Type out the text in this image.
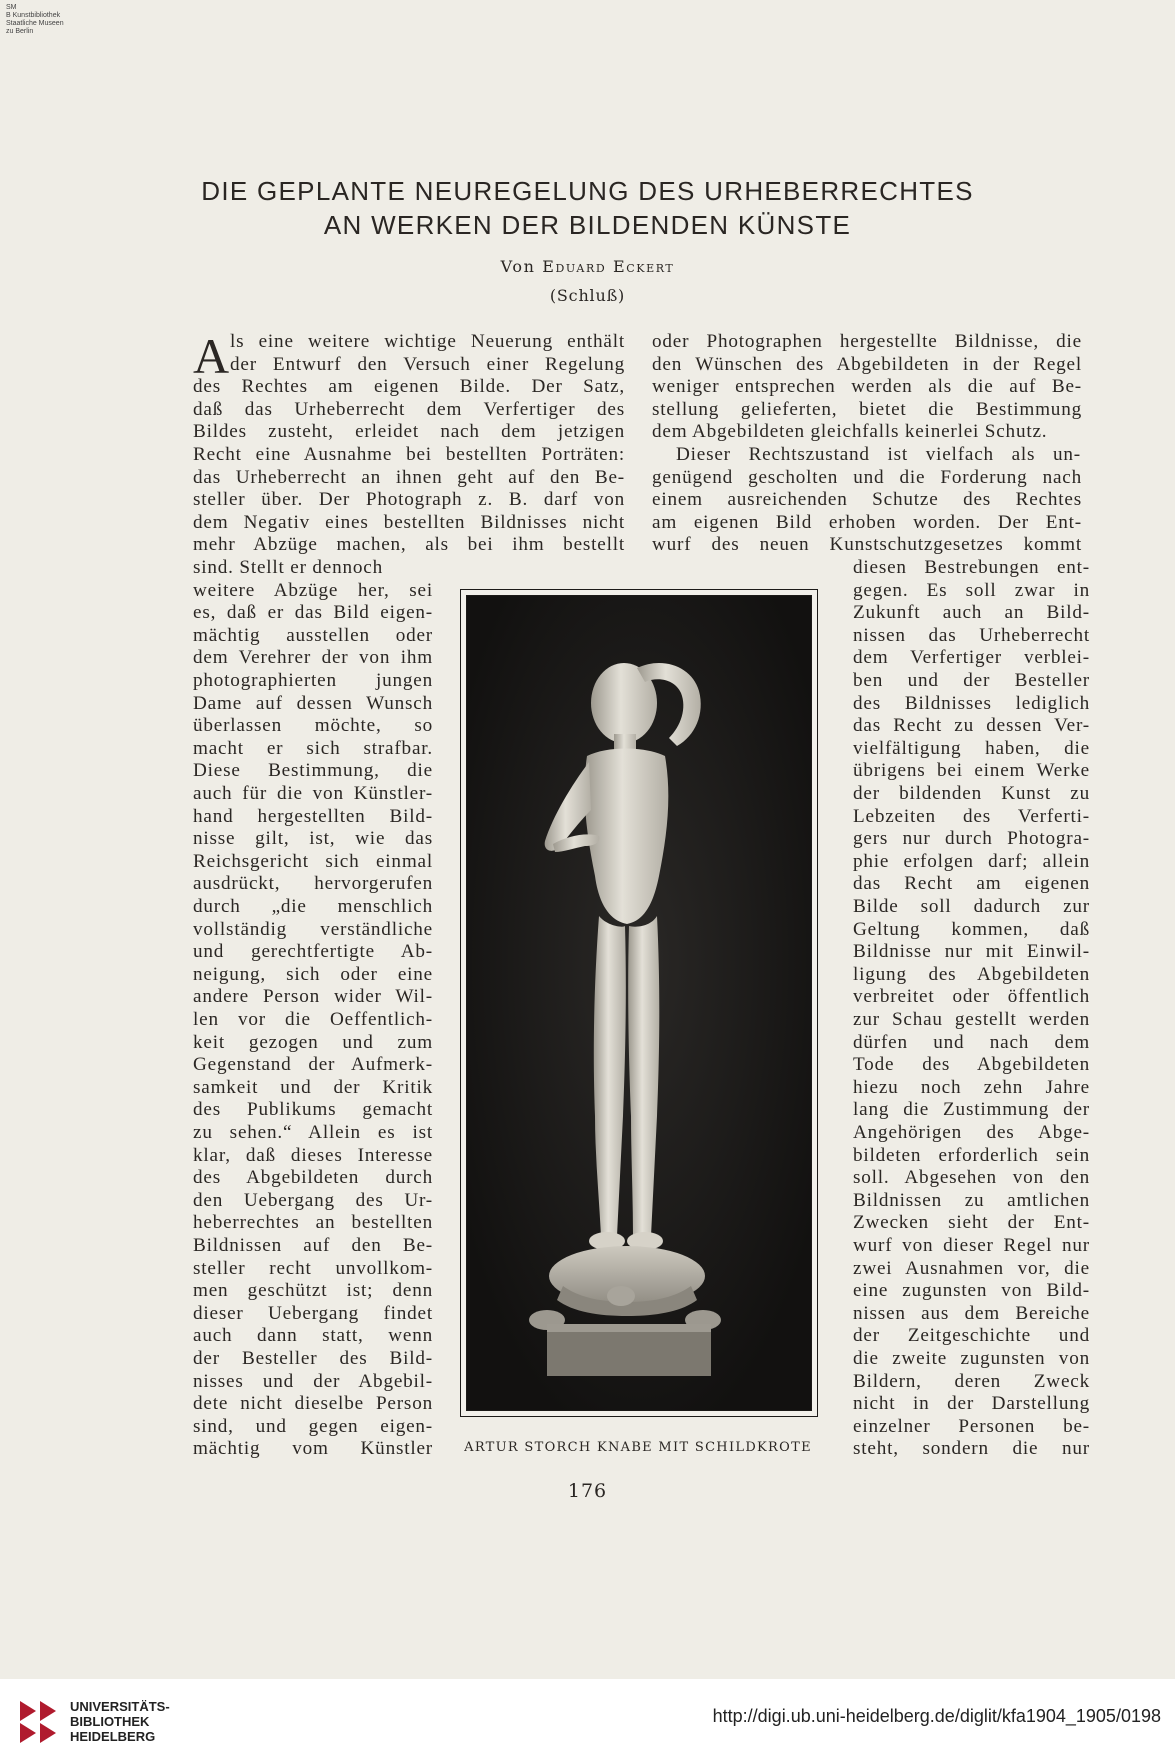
SM
B Kunstbibliothek
Staatliche Museen
zu Berlin
DIE GEPLANTE NEUREGELUNG DES URHEBERRECHTES
AN WERKEN DER BILDENDEN KÜNSTE
Von Eduard Eckert
(Schluß)
A ls eine weitere wichtige Neuerung enthält
der Entwurf den Versuch einer Regelung
des Rechtes am eigenen Bilde. Der Satz,
daß das Urheberrecht dem Verfertiger des
Bildes zusteht, erleidet nach dem jetzigen
Recht eine Ausnahme bei bestellten Porträten:
das Urheberrecht an ihnen geht auf den Be-
steller über. Der Photograph z. B. darf von
dem Negativ eines bestellten Bildnisses nicht
mehr Abzüge machen, als bei ihm bestellt
sind. Stellt er dennoch
weitere Abzüge her, sei
es, daß er das Bild eigen-
mächtig ausstellen oder
dem Verehrer der von ihm
photographierten jungen
Dame auf dessen Wunsch
überlassen möchte, so
macht er sich strafbar.
Diese Bestimmung, die
auch für die von Künstler-
hand hergestellten Bild-
nisse gilt, ist, wie das
Reichsgericht sich einmal
ausdrückt, hervorgerufen
durch „die menschlich
vollständig verständliche
und gerechtfertigte Ab-
neigung, sich oder eine
andere Person wider Wil-
len vor die Oeffentlich-
keit gezogen und zum
Gegenstand der Aufmerk-
samkeit und der Kritik
des Publikums gemacht
zu sehen.“ Allein es ist
klar, daß dieses Interesse
des Abgebildeten durch
den Uebergang des Ur-
heberrechtes an bestellten
Bildnissen auf den Be-
steller recht unvollkom-
men geschützt ist; denn
dieser Uebergang findet
auch dann statt, wenn
der Besteller des Bild-
nisses und der Abgebil-
dete nicht dieselbe Person
sind, und gegen eigen-
mächtig vom Künstler
oder Photographen hergestellte Bildnisse, die
den Wünschen des Abgebildeten in der Regel
weniger entsprechen werden als die auf Be-
stellung gelieferten, bietet die Bestimmung
dem Abgebildeten gleichfalls keinerlei Schutz.
Dieser Rechtszustand ist vielfach als un-
genügend gescholten und die Forderung nach
einem ausreichenden Schutze des Rechtes
am eigenen Bild erhoben worden. Der Ent-
wurf des neuen Kunstschutzgesetzes kommt
diesen Bestrebungen ent-
gegen. Es soll zwar in
Zukunft auch an Bild-
nissen das Urheberrecht
dem Verfertiger verblei-
ben und der Besteller
des Bildnisses lediglich
das Recht zu dessen Ver-
vielfältigung haben, die
übrigens bei einem Werke
der bildenden Kunst zu
Lebzeiten des Verferti-
gers nur durch Photogra-
phie erfolgen darf; allein
das Recht am eigenen
Bilde soll dadurch zur
Geltung kommen, daß
Bildnisse nur mit Einwil-
ligung des Abgebildeten
verbreitet oder öffentlich
zur Schau gestellt werden
dürfen und nach dem
Tode des Abgebildeten
hiezu noch zehn Jahre
lang die Zustimmung der
Angehörigen des Abge-
bildeten erforderlich sein
soll. Abgesehen von den
Bildnissen zu amtlichen
Zwecken sieht der Ent-
wurf von dieser Regel nur
zwei Ausnahmen vor, die
eine zugunsten von Bild-
nissen aus dem Bereiche
der Zeitgeschichte und
die zweite zugunsten von
Bildern, deren Zweck
nicht in der Darstellung
einzelner Personen be-
steht, sondern die nur
ARTUR STORCH KNABE MIT SCHILDKROTE
176
UNIVERSITÄTS-
BIBLIOTHEK
HEIDELBERG
http://digi.ub.uni-heidelberg.de/diglit/kfa1904_1905/0198
